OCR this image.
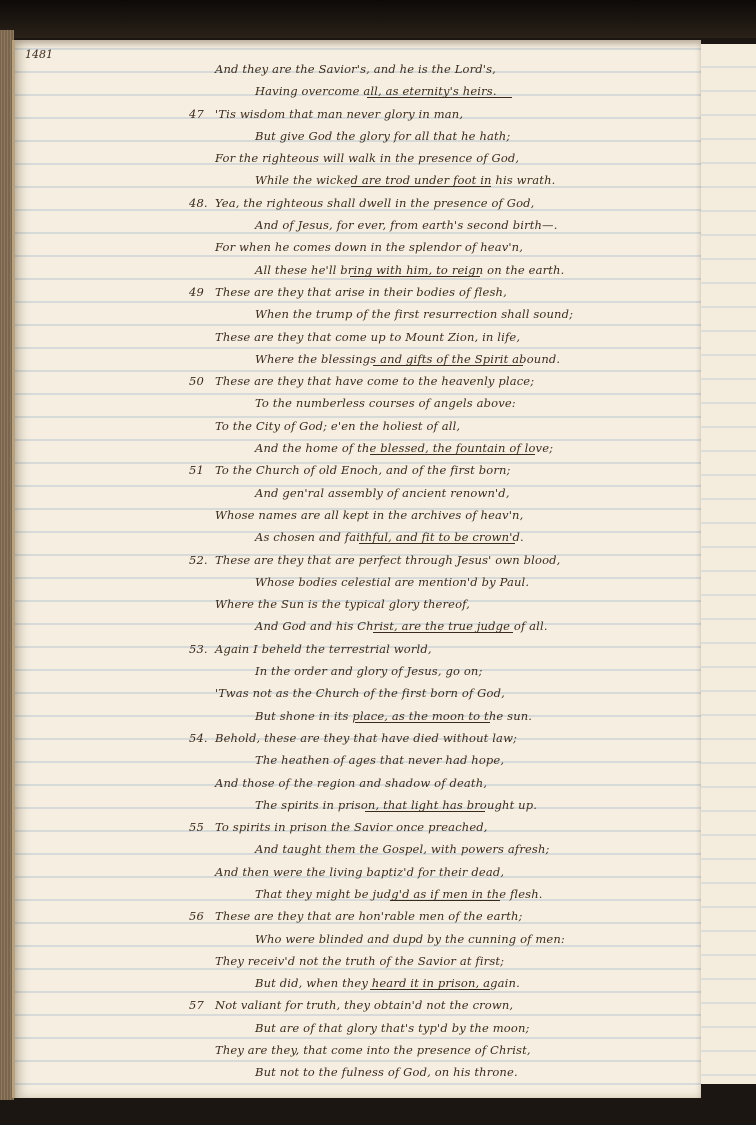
1481
And they are the Savior's, and he is the Lord's,
Having overcome all, as eternity's heirs.
47 'Tis wisdom that man never glory in man,
But give God the glory for all that he hath;
For the righteous will walk in the presence of God,
While the wicked are trod under foot in his wrath.
48. Yea, the righteous shall dwell in the presence of God,
And of Jesus, for ever, from earth's second birth—.
For when he comes down in the splendor of heav'n,
All these he'll bring with him, to reign on the earth.
49 These are they that arise in their bodies of flesh,
When the trump of the first resurrection shall sound;
These are they that come up to Mount Zion, in life,
Where the blessings and gifts of the Spirit abound.
50 These are they that have come to the heavenly place;
To the numberless courses of angels above:
To the City of God; e'en the holiest of all,
And the home of the blessed, the fountain of love;
51 To the Church of old Enoch, and of the first born;
And gen'ral assembly of ancient renown'd,
Whose names are all kept in the archives of heav'n,
As chosen and faithful, and fit to be crown'd.
52. These are they that are perfect through Jesus' own blood,
Whose bodies celestial are mention'd by Paul.
Where the Sun is the typical glory thereof,
And God and his Christ, are the true judge of all.
53. Again I beheld the terrestrial world,
In the order and glory of Jesus, go on;
'Twas not as the Church of the first born of God,
But shone in its place, as the moon to the sun.
54. Behold, these are they that have died without law;
The heathen of ages that never had hope,
And those of the region and shadow of death,
The spirits in prison, that light has brought up.
55 To spirits in prison the Savior once preached,
And taught them the Gospel, with powers afresh;
And then were the living baptiz'd for their dead,
That they might be judg'd as if men in the flesh.
56 These are they that are hon'rable men of the earth;
Who were blinded and dupd by the cunning of men:
They receiv'd not the truth of the Savior at first;
But did, when they heard it in prison, again.
57 Not valiant for truth, they obtain'd not the crown,
But are of that glory that's typ'd by the moon;
They are they, that come into the presence of Christ,
But not to the fulness of God, on his throne.
